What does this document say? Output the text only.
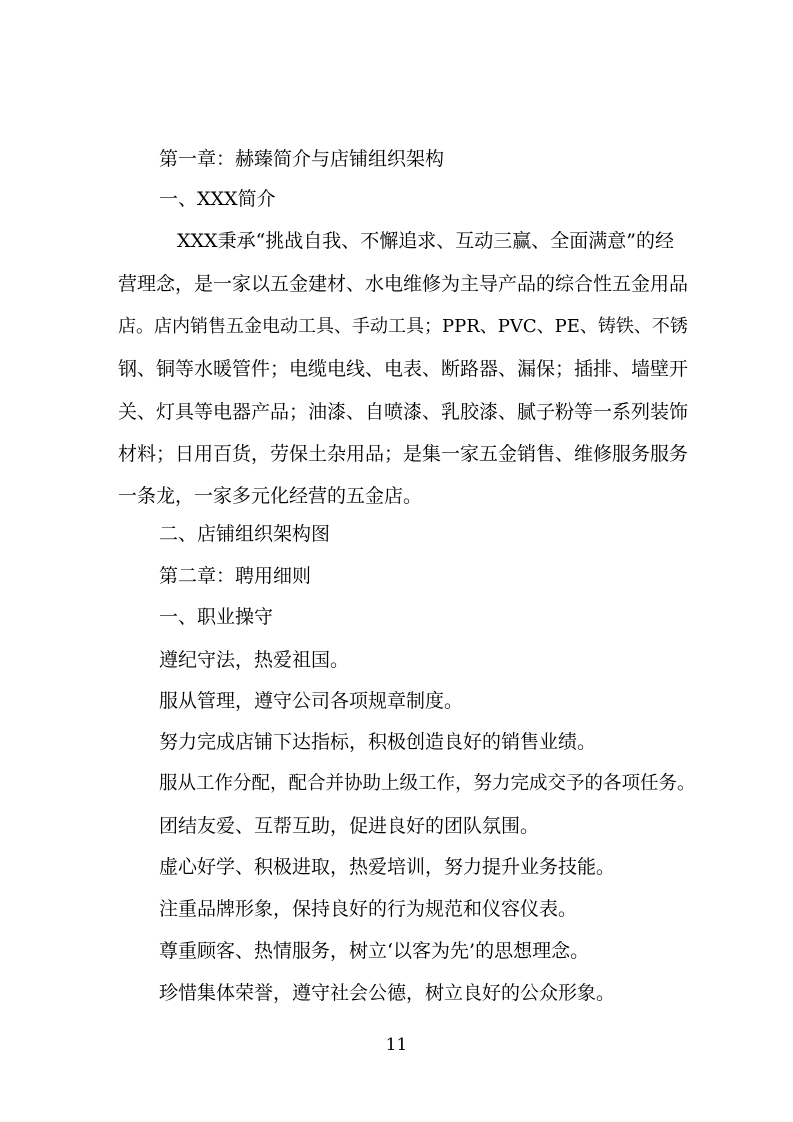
第一章：赫臻简介与店铺组织架构
一、XXX简介
XXX秉承“挑战自我、不懈追求、互动三赢、全面满意”的经
营理念，是一家以五金建材、水电维修为主导产品的综合性五金用品
店。店内销售五金电动工具、手动工具；PPR、PVC、PE、铸铁、不锈
钢、铜等水暖管件；电缆电线、电表、断路器、漏保；插排、墙壁开
关、灯具等电器产品；油漆、自喷漆、乳胶漆、腻子粉等一系列装饰
材料；日用百货，劳保土杂用品；是集一家五金销售、维修服务服务
一条龙，一家多元化经营的五金店。
二、店铺组织架构图
第二章：聘用细则
一、职业操守
遵纪守法，热爱祖国。
服从管理，遵守公司各项规章制度。
努力完成店铺下达指标，积极创造良好的销售业绩。
服从工作分配，配合并协助上级工作，努力完成交予的各项任务。
团结友爱、互帮互助，促进良好的团队氛围。
虚心好学、积极进取，热爱培训，努力提升业务技能。
注重品牌形象，保持良好的行为规范和仪容仪表。
尊重顾客、热情服务，树立‘以客为先’的思想理念。
珍惜集体荣誉，遵守社会公德，树立良好的公众形象。
11
